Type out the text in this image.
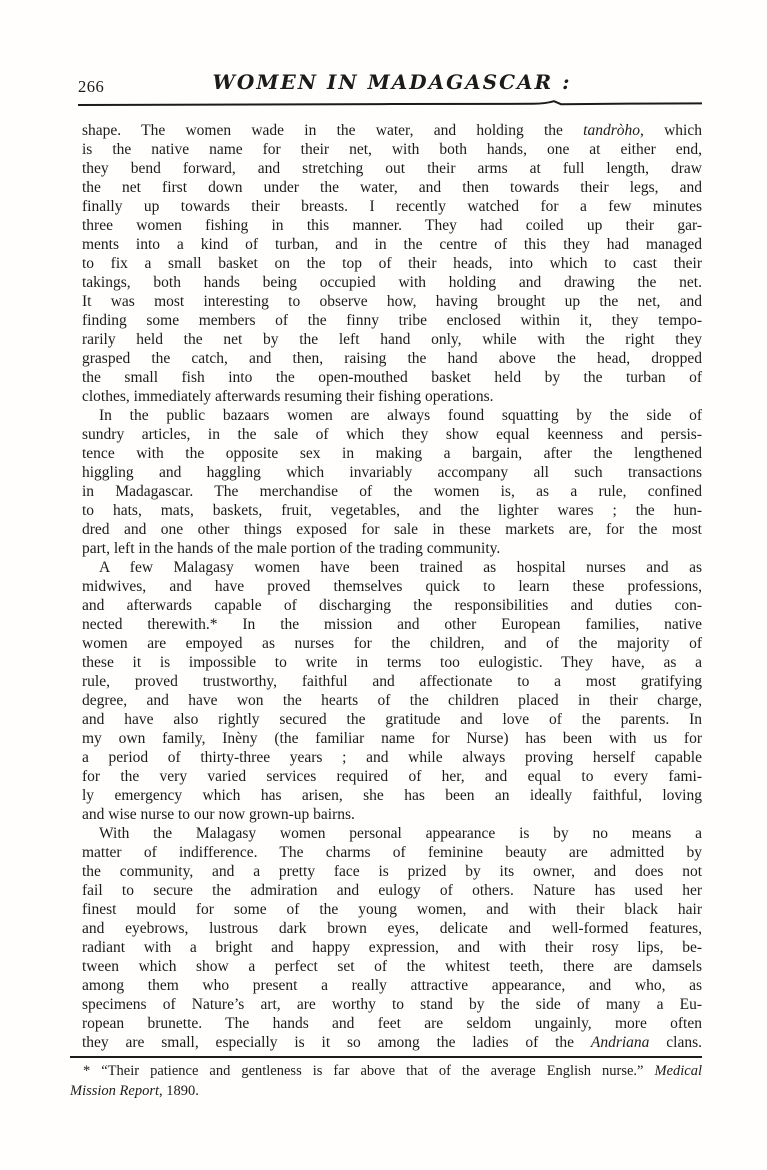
266	WOMEN IN MADAGASCAR :
shape. The women wade in the water, and holding the tandròho, which
is the native name for their net, with both hands, one at either end,
they bend forward, and stretching out their arms at full length, draw
the net first down under the water, and then towards their legs, and
finally up towards their breasts. I recently watched for a few minutes
three women fishing in this manner. They had coiled up their gar-
ments into a kind of turban, and in the centre of this they had managed
to fix a small basket on the top of their heads, into which to cast their
takings, both hands being occupied with holding and drawing the net.
It was most interesting to observe how, having brought up the net, and
finding some members of the finny tribe enclosed within it, they tempo-
rarily held the net by the left hand only, while with the right they
grasped the catch, and then, raising the hand above the head, dropped
the small fish into the open-mouthed basket held by the turban of
clothes, immediately afterwards resuming their fishing operations.
In the public bazaars women are always found squatting by the side of
sundry articles, in the sale of which they show equal keenness and persis-
tence with the opposite sex in making a bargain, after the lengthened
higgling and haggling which invariably accompany all such transactions
in Madagascar. The merchandise of the women is, as a rule, confined
to hats, mats, baskets, fruit, vegetables, and the lighter wares ; the hun-
dred and one other things exposed for sale in these markets are, for the most
part, left in the hands of the male portion of the trading community.
A few Malagasy women have been trained as hospital nurses and as
midwives, and have proved themselves quick to learn these professions,
and afterwards capable of discharging the responsibilities and duties con-
nected therewith.* In the mission and other European families, native
women are empoyed as nurses for the children, and of the majority of
these it is impossible to write in terms too eulogistic. They have, as a
rule, proved trustworthy, faithful and affectionate to a most gratifying
degree, and have won the hearts of the children placed in their charge,
and have also rightly secured the gratitude and love of the parents. In
my own family, Inèny (the familiar name for Nurse) has been with us for
a period of thirty-three years ; and while always proving herself capable
for the very varied services required of her, and equal to every fami-
ly emergency which has arisen, she has been an ideally faithful, loving
and wise nurse to our now grown-up bairns.
With the Malagasy women personal appearance is by no means a
matter of indifference. The charms of feminine beauty are admitted by
the community, and a pretty face is prized by its owner, and does not
fail to secure the admiration and eulogy of others. Nature has used her
finest mould for some of the young women, and with their black hair
and eyebrows, lustrous dark brown eyes, delicate and well-formed features,
radiant with a bright and happy expression, and with their rosy lips, be-
tween which show a perfect set of the whitest teeth, there are damsels
among them who present a really attractive appearance, and who, as
specimens of Nature’s art, are worthy to stand by the side of many a Eu-
ropean brunette. The hands and feet are seldom ungainly, more often
they are small, especially is it so among the ladies of the Andriana clans.
* “Their patience and gentleness is far above that of the average English nurse.” Medical
Mission Report, 1890.
